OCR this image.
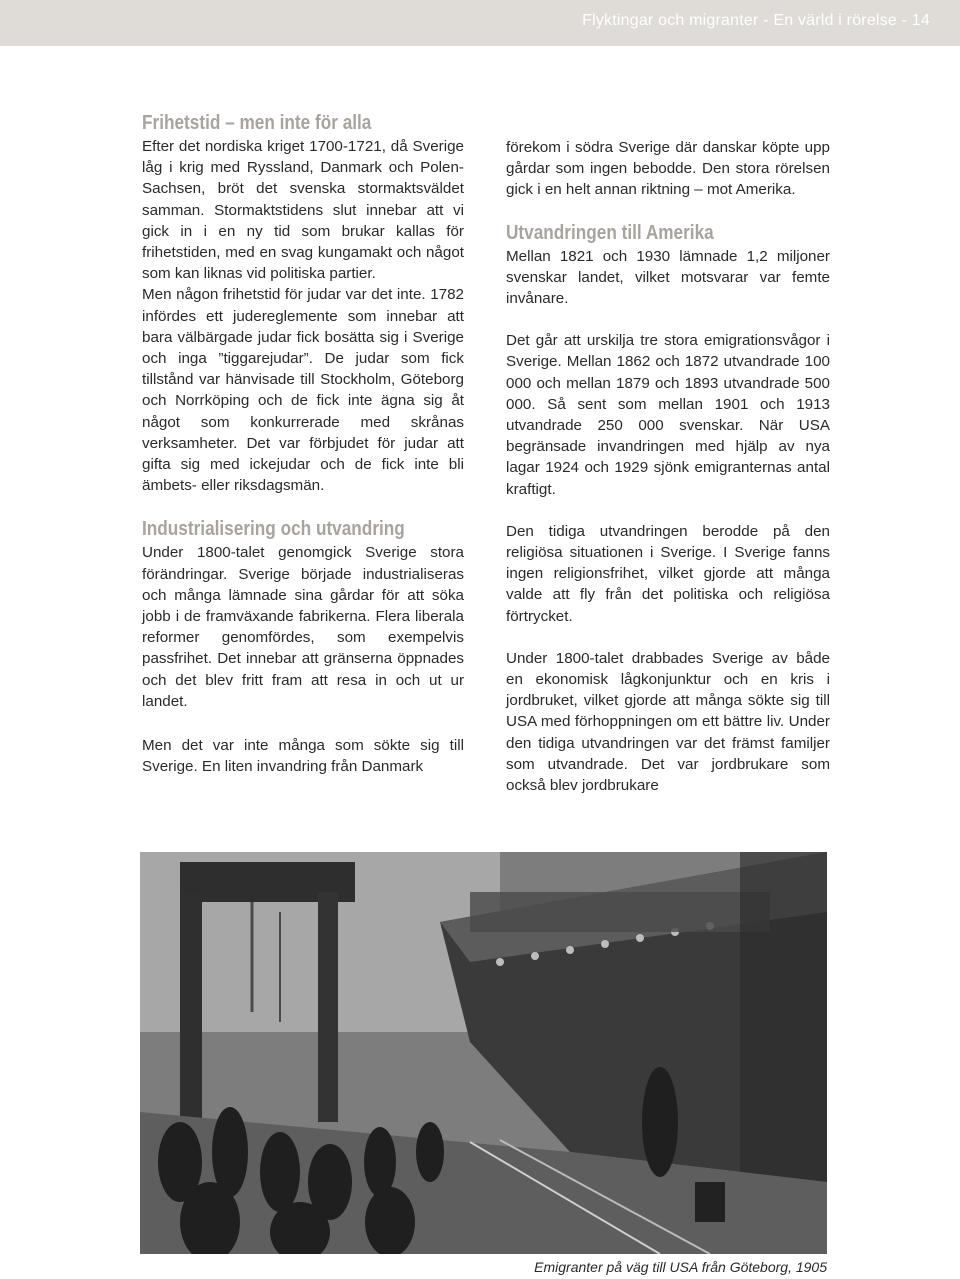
Flyktingar och migranter - En värld i rörelse - 14
Frihetstid – men inte för alla

Efter det nordiska kriget 1700-1721, då Sverige låg i krig med Ryssland, Danmark och Polen-Sachsen, bröt det svenska stormaktsväldet samman. Stormaktstidens slut innebar att vi gick in i en ny tid som brukar kallas för frihetstiden, med en svag kungamakt och något som kan liknas vid politiska partier.

Men någon frihetstid för judar var det inte. 1782 infördes ett judereglemente som innebar att bara välbärgade judar fick bosätta sig i Sverige och inga ”tiggarejudar”. De judar som fick tillstånd var hänvisade till Stockholm, Göteborg och Norrköping och de fick inte ägna sig åt något som konkurrerade med skrånas verksamheter. Det var förbjudet för judar att gifta sig med ickejudar och de fick inte bli ämbets- eller riksdagsmän.

Industrialisering och utvandring

Under 1800-talet genomgick Sverige stora förändringar. Sverige började industrialiseras och många lämnade sina gårdar för att söka jobb i de framväxande fabrikerna. Flera liberala reformer genomfördes, som exempelvis passfrihet. Det innebar att gränserna öppnades och det blev fritt fram att resa in och ut ur landet.

Men det var inte många som sökte sig till Sverige. En liten invandring från Danmark

förekom i södra Sverige där danskar köpte upp gårdar som ingen bebodde. Den stora rörelsen gick i en helt annan riktning – mot Amerika.

Utvandringen till Amerika

Mellan 1821 och 1930 lämnade 1,2 miljoner svenskar landet, vilket motsvarar var femte invånare.

Det går att urskilja tre stora emigrationsvågor i Sverige. Mellan 1862 och 1872 utvandrade 100 000 och mellan 1879 och 1893 utvandrade 500 000. Så sent som mellan 1901 och 1913 utvandrade 250 000 svenskar. När USA begränsade invandringen med hjälp av nya lagar 1924 och 1929 sjönk emigranternas antal kraftigt.

Den tidiga utvandringen berodde på den religiösa situationen i Sverige. I Sverige fanns ingen religionsfrihet, vilket gjorde att många valde att fly från det politiska och religiösa förtrycket.

Under 1800-talet drabbades Sverige av både en ekonomisk lågkonjunktur och en kris i jordbruket, vilket gjorde att många sökte sig till USA med förhoppningen om ett bättre liv. Under den tidiga utvandringen var det främst familjer som utvandrade. Det var jordbrukare som också blev jordbrukare

Emigranter på väg till USA från Göteborg, 1905
